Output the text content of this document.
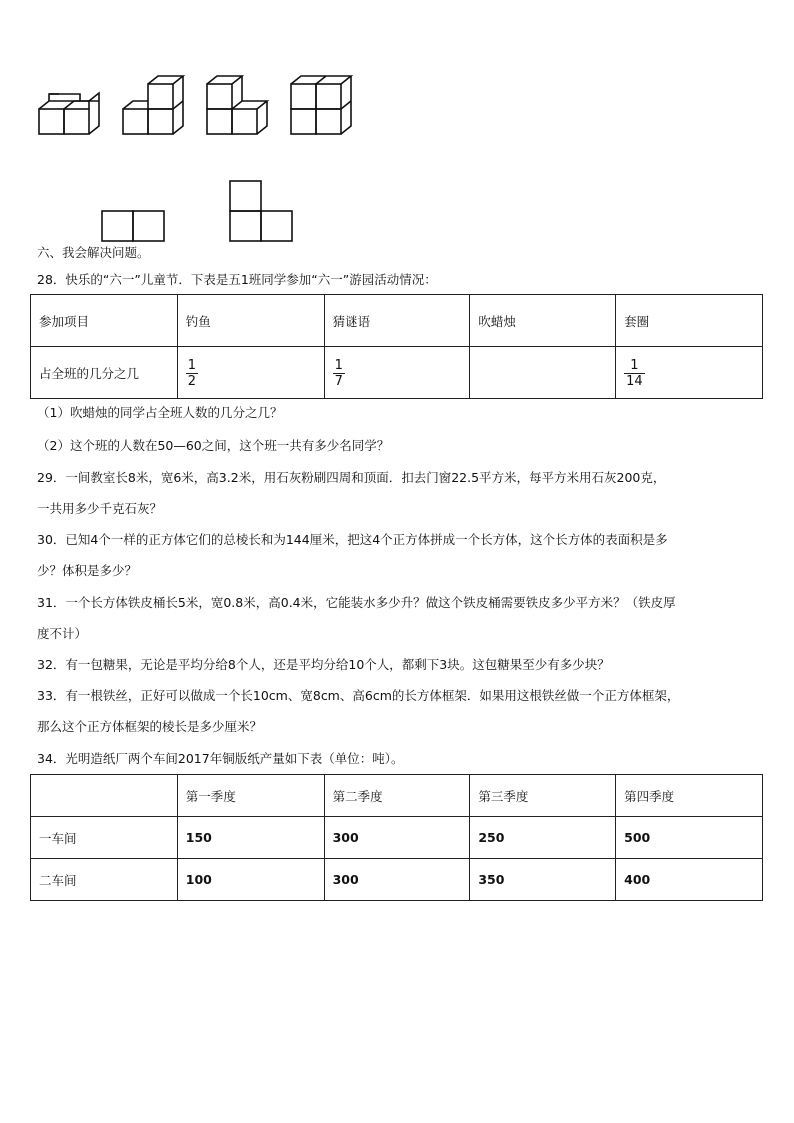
六、我会解决问题。
28．快乐的“六一”儿童节．下表是五1班同学参加“六一”游园活动情况：
参加项目	钓鱼	猜谜语	吹蜡烛	套圈
占全班的几分之几	$\frac{1}{2}$	$\frac{1}{7}$		$\frac{1}{14}$
（1）吹蜡烛的同学占全班人数的几分之几？
（2）这个班的人数在50—60之间，这个班一共有多少名同学？
29．一间教室长8米，宽6米，高3.2米，用石灰粉刷四周和顶面．扣去门窗22.5平方米，每平方米用石灰200克，
一共用多少千克石灰？
30．已知4个一样的正方体它们的总棱长和为144厘米，把这4个正方体拼成一个长方体，这个长方体的表面积是多
少？体积是多少？
31．一个长方体铁皮桶长5米，宽0.8米，高0.4米，它能装水多少升？做这个铁皮桶需要铁皮多少平方米？（铁皮厚
度不计）
32．有一包糖果，无论是平均分给8个人，还是平均分给10个人，都剩下3块。这包糖果至少有多少块？
33．有一根铁丝，正好可以做成一个长10cm、宽8cm、高6cm的长方体框架．如果用这根铁丝做一个正方体框架，
那么这个正方体框架的棱长是多少厘米？
34．光明造纸厂两个车间2017年铜版纸产量如下表（单位：吨）。
	第一季度	第二季度	第三季度	第四季度
一车间	150	300	250	500
二车间	100	300	350	400
